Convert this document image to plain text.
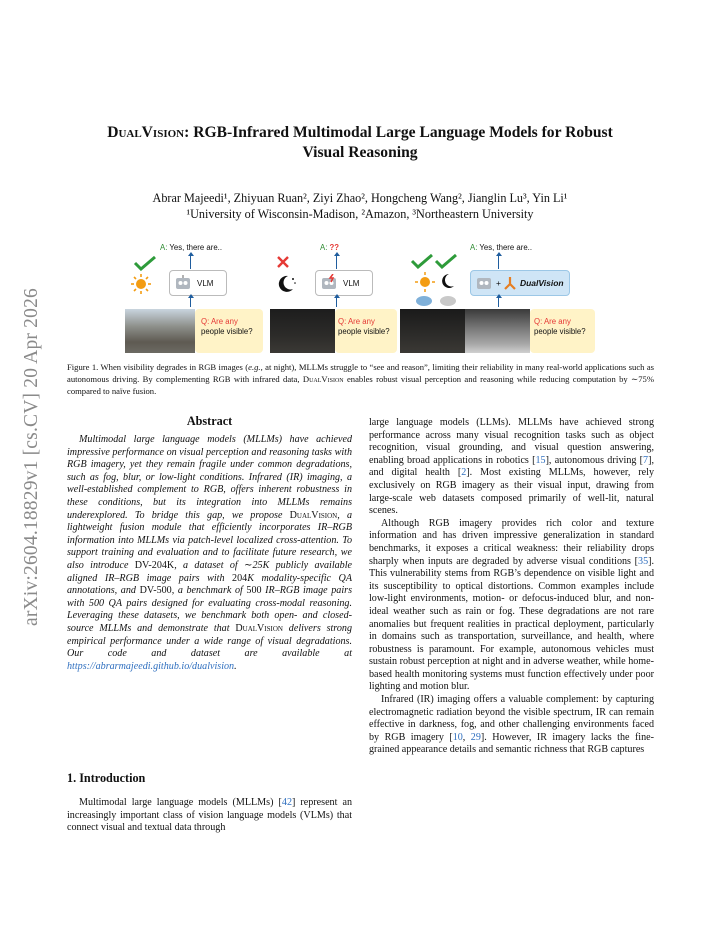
arXiv:2604.18829v1 [cs.CV] 20 Apr 2026
DualVision: RGB-Infrared Multimodal Large Language Models for Robust
Visual Reasoning
Abrar Majeedi¹, Zhiyuan Ruan², Ziyi Zhao², Hongcheng Wang², Jianglin Lu³, Yin Li¹
¹University of Wisconsin-Madison, ²Amazon, ³Northeastern University
A: Yes, there are..
VLM
Q: Are any
people visible?
A: ??
VLM
Q: Are any
people visible?
A: Yes, there are..
+ DualVision
Q: Are any
people visible?
Figure 1. When visibility degrades in RGB images (e.g., at night), MLLMs struggle to “see and reason”, limiting their reliability in many real-world applications such as autonomous driving. By complementing RGB with infrared data, DualVision enables robust visual perception and reasoning while reducing computation by ∼75% compared to naïve fusion.
Abstract

Multimodal large language models (MLLMs) have achieved impressive performance on visual perception and reasoning tasks with RGB imagery, yet they remain fragile under common degradations, such as fog, blur, or low-light conditions. Infrared (IR) imaging, a well-established complement to RGB, offers inherent robustness in these conditions, but its integration into MLLMs remains underexplored. To bridge this gap, we propose DualVision, a lightweight fusion module that efficiently incorporates IR–RGB information into MLLMs via patch-level localized cross-attention. To support training and evaluation and to facilitate future research, we also introduce DV-204K, a dataset of ∼25K publicly available aligned IR–RGB image pairs with 204K modality-specific QA annotations, and DV-500, a benchmark of 500 IR–RGB image pairs with 500 QA pairs designed for evaluating cross-modal reasoning. Leveraging these datasets, we benchmark both open- and closed-source MLLMs and demonstrate that DualVision delivers strong empirical performance under a wide range of visual degradations. Our code and dataset are available at https://abrarmajeedi.github.io/dualvision.

1. Introduction

Multimodal large language models (MLLMs) [42] represent an increasingly important class of vision language models (VLMs) that connect visual and textual data through

large language models (LLMs). MLLMs have achieved strong performance across many visual recognition tasks such as object recognition, visual grounding, and visual question answering, enabling broad applications in robotics [15], autonomous driving [7], and digital health [2]. Most existing MLLMs, however, rely exclusively on RGB imagery as their visual input, drawing from large-scale web datasets composed primarily of well-lit, natural scenes.

Although RGB imagery provides rich color and texture information and has driven impressive generalization in standard benchmarks, it exposes a critical weakness: their reliability drops sharply when inputs are degraded by adverse visual conditions [35]. This vulnerability stems from RGB’s dependence on visible light and its susceptibility to optical distortions. Common examples include low-light environments, motion- or defocus-induced blur, and non-ideal weather such as rain or fog. These degradations are not rare anomalies but frequent realities in practical deployment, particularly in domains such as transportation, surveillance, and health, where robustness is paramount. For example, autonomous vehicles must sustain robust perception at night and in adverse weather, while home-based health monitoring systems must function effectively under poor lighting and motion blur.

Infrared (IR) imaging offers a valuable complement: by capturing electromagnetic radiation beyond the visible spectrum, IR can remain effective in darkness, fog, and other challenging environments faced by RGB imagery [10, 29]. However, IR imagery lacks the fine-grained appearance details and semantic richness that RGB captures
